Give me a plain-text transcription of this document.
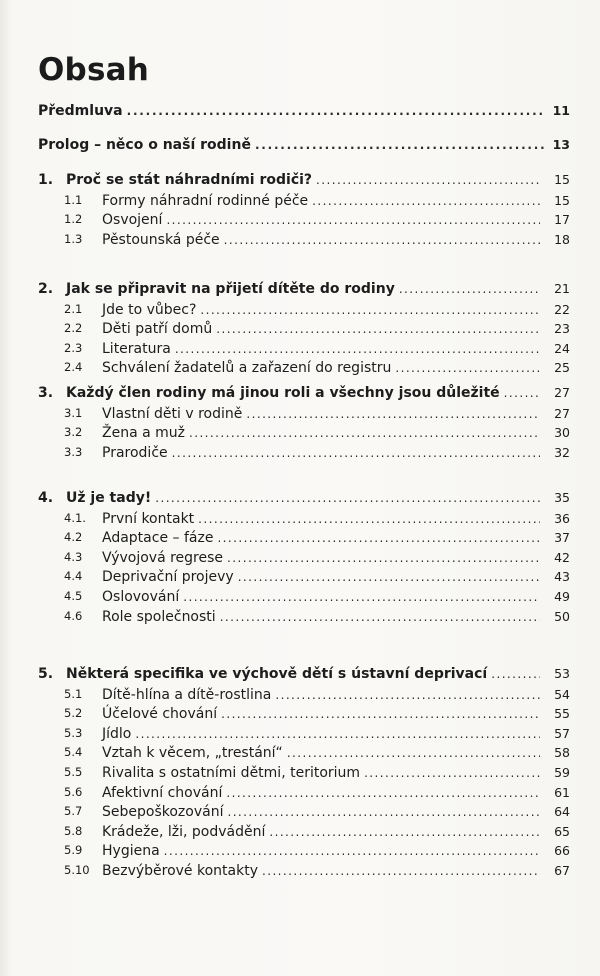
Obsah
Předmluva . . .	11
Prolog – něco o naší rodině . . .	13
1. Proč se stát náhradními rodiči? . . .	15
1.1	Formy náhradní rodinné péče . . .	15
1.2	Osvojení . . .	17
1.3	Pěstounská péče . . .	18
2. Jak se připravit na přijetí dítěte do rodiny . . .	21
2.1	Jde to vůbec? . . .	22
2.2	Děti patří domů . . .	23
2.3	Literatura . . .	24
2.4	Schválení žadatelů a zařazení do registru . . .	25
3. Každý člen rodiny má jinou roli a všechny jsou důležité . . .	27
3.1	Vlastní děti v rodině . . .	27
3.2	Žena a muž . . .	30
3.3	Prarodiče . . .	32
4. Už je tady! . . .	35
4.1.	První kontakt . . .	36
4.2	Adaptace – fáze . . .	37
4.3	Vývojová regrese . . .	42
4.4	Deprivační projevy . . .	43
4.5	Oslovování . . .	49
4.6	Role společnosti . . .	50
5. Některá specifika ve výchově dětí s ústavní deprivací . . .	53
5.1	Dítě-hlína a dítě-rostlina . . .	54
5.2	Účelové chování . . .	55
5.3	Jídlo . . .	57
5.4	Vztah k věcem, „trestání“ . . .	58
5.5	Rivalita s ostatními dětmi, teritorium . . .	59
5.6	Afektivní chování . . .	61
5.7	Sebepoškozování . . .	64
5.8	Krádeže, lži, podvádění . . .	65
5.9	Hygiena . . .	66
5.10 Bezvýběrové kontakty . . .	67
